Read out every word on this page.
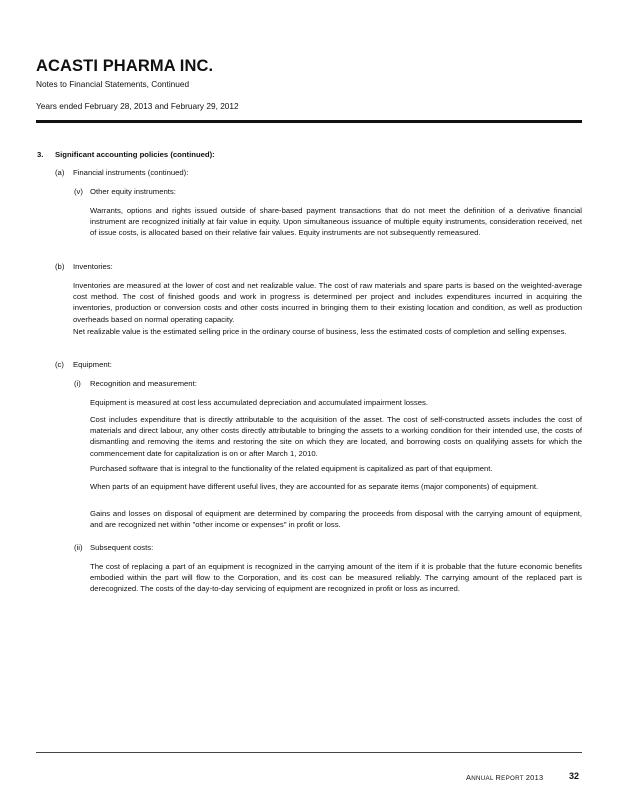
ACASTI PHARMA INC.
Notes to Financial Statements, Continued
Years ended February 28, 2013 and February 29, 2012
3. Significant accounting policies (continued):
(a) Financial instruments (continued):
(v) Other equity instruments:
Warrants, options and rights issued outside of share-based payment transactions that do not meet the definition of a derivative financial instrument are recognized initially at fair value in equity. Upon simultaneous issuance of multiple equity instruments, consideration received, net of issue costs, is allocated based on their relative fair values. Equity instruments are not subsequently remeasured.
(b) Inventories:
Inventories are measured at the lower of cost and net realizable value. The cost of raw materials and spare parts is based on the weighted-average cost method. The cost of finished goods and work in progress is determined per project and includes expenditures incurred in acquiring the inventories, production or conversion costs and other costs incurred in bringing them to their existing location and condition, as well as production overheads based on normal operating capacity.
Net realizable value is the estimated selling price in the ordinary course of business, less the estimated costs of completion and selling expenses.
(c) Equipment:
(i) Recognition and measurement:
Equipment is measured at cost less accumulated depreciation and accumulated impairment losses.
Cost includes expenditure that is directly attributable to the acquisition of the asset. The cost of self-constructed assets includes the cost of materials and direct labour, any other costs directly attributable to bringing the assets to a working condition for their intended use, the costs of dismantling and removing the items and restoring the site on which they are located, and borrowing costs on qualifying assets for which the commencement date for capitalization is on or after March 1, 2010.
Purchased software that is integral to the functionality of the related equipment is capitalized as part of that equipment.
When parts of an equipment have different useful lives, they are accounted for as separate items (major components) of equipment.
Gains and losses on disposal of equipment are determined by comparing the proceeds from disposal with the carrying amount of equipment, and are recognized net within "other income or expenses" in profit or loss.
(ii) Subsequent costs:
The cost of replacing a part of an equipment is recognized in the carrying amount of the item if it is probable that the future economic benefits embodied within the part will flow to the Corporation, and its cost can be measured reliably. The carrying amount of the replaced part is derecognized. The costs of the day-to-day servicing of equipment are recognized in profit or loss as incurred.
ANNUAL REPORT 2013	32
